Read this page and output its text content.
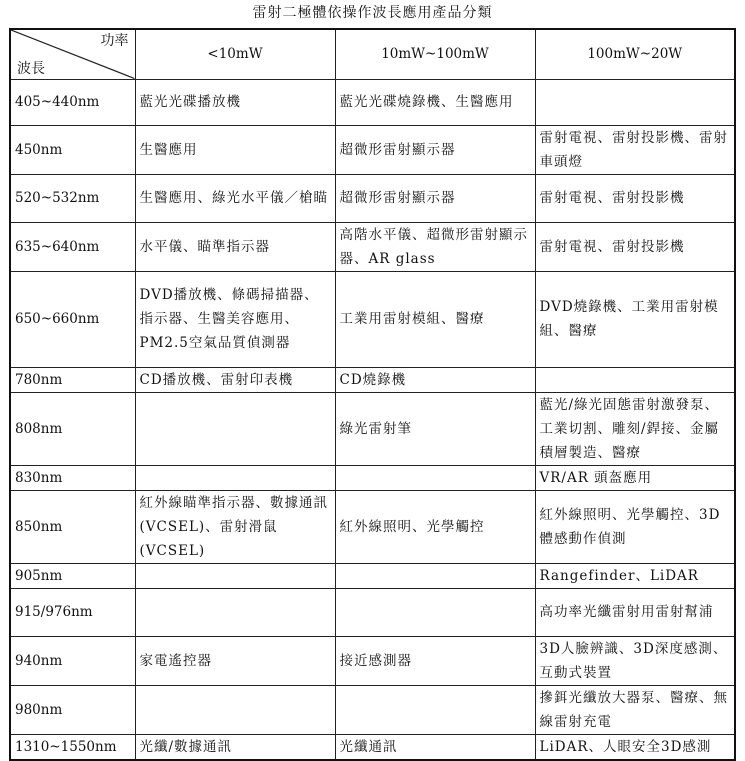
雷射二極體依操作波長應用產品分類
功率
波長	<10mW	10mW~100mW	100mW~20W
405~440nm	藍光光碟播放機	藍光光碟燒錄機、生醫應用	
450nm	生醫應用	超微形雷射顯示器	雷射電視、雷射投影機、雷射車頭燈
520~532nm	生醫應用、綠光水平儀／槍瞄	超微形雷射顯示器	雷射電視、雷射投影機
635~640nm	水平儀、瞄準指示器	高階水平儀、超微形雷射顯示器、AR glass	雷射電視、雷射投影機
650~660nm	DVD播放機、條碼掃描器、指示器、生醫美容應用、PM2.5空氣品質偵測器	工業用雷射模組、醫療	DVD燒錄機、工業用雷射模組、醫療
780nm	CD播放機、雷射印表機	CD燒錄機	
808nm		綠光雷射筆	藍光/綠光固態雷射激發泵、工業切割、雕刻/銲接、金屬積層製造、醫療
830nm			VR/AR 頭盔應用
850nm	紅外線瞄準指示器、數據通訊(VCSEL)、雷射滑鼠(VCSEL)	紅外線照明、光學觸控	紅外線照明、光學觸控、3D體感動作偵測
905nm			Rangefinder、LiDAR
915/976nm			高功率光纖雷射用雷射幫浦
940nm	家電遙控器	接近感測器	3D人臉辨識、3D深度感測、互動式裝置
980nm			摻鉺光纖放大器泵、醫療、無線雷射充電
1310~1550nm	光纖/數據通訊	光纖通訊	LiDAR、人眼安全3D感測
